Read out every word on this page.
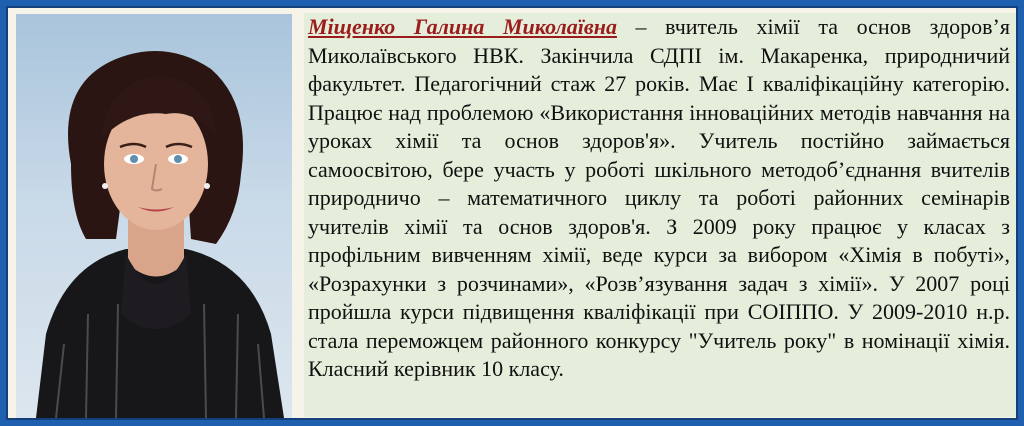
Міщенко Галина Миколаївна – вчитель хімії та основ здоров’я Миколаївського НВК. Закінчила СДПІ ім. Макаренка, природничий факультет. Педагогічний стаж 27 років. Має І кваліфікаційну категорію. Працює над проблемою «Використання інноваційних методів навчання на уроках хімії та основ здоров'я». Учитель постійно займається самоосвітою, бере участь у роботі шкільного методоб’єднання вчителів природничо – математичного циклу та роботі районних семінарів учителів хімії та основ здоров'я. З 2009 року працює у класах з профільним вивченням хімії, веде курси за вибором «Хімія в побуті», «Розрахунки з розчинами», «Розв’язування задач з хімії». У 2007 році пройшла курси підвищення кваліфікації при СОІППО. У 2009-2010 н.р. стала переможцем районного конкурсу "Учитель року" в номінації хімія. Класний керівник 10 класу.
